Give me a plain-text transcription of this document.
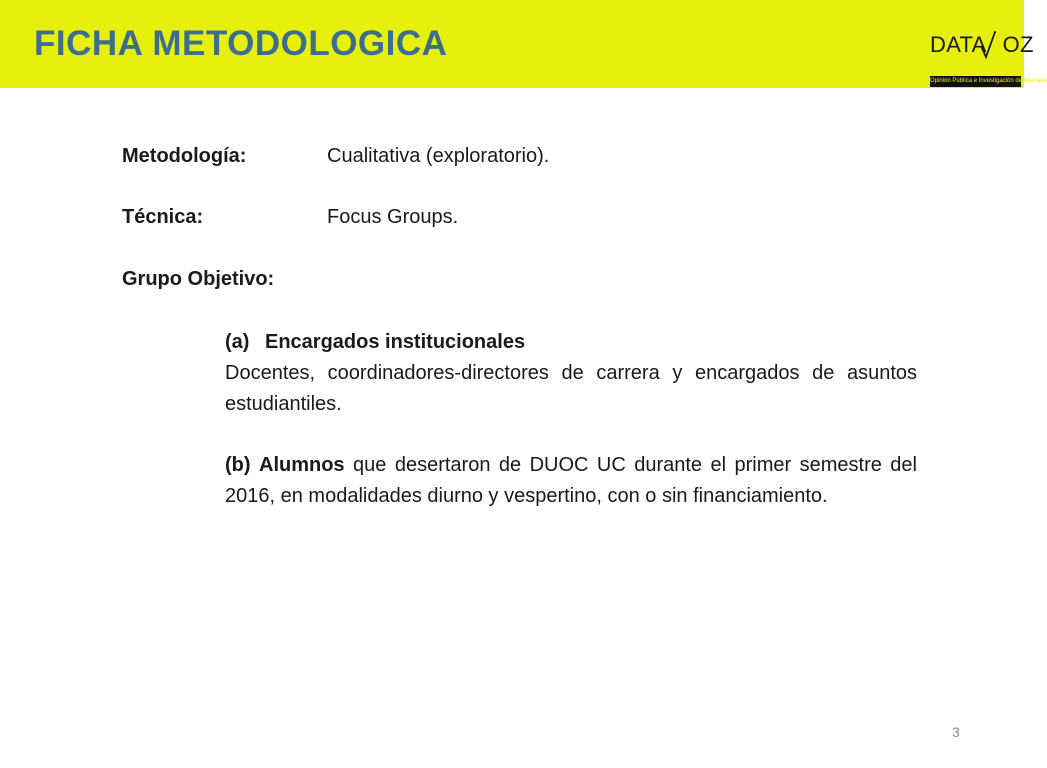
FICHA METODOLOGICA	DATA OZ
Opinión Pública e Investigación de Mercado
Metodología:	Cualitativa (exploratorio).
Técnica:	Focus Groups.
Grupo Objetivo:
(a) Encargados institucionales
Docentes, coordinadores-directores de carrera y encargados de asuntos estudiantiles.
(b) Alumnos que desertaron de DUOC UC durante el primer semestre del 2016, en modalidades diurno y vespertino, con o sin financiamiento.
3
